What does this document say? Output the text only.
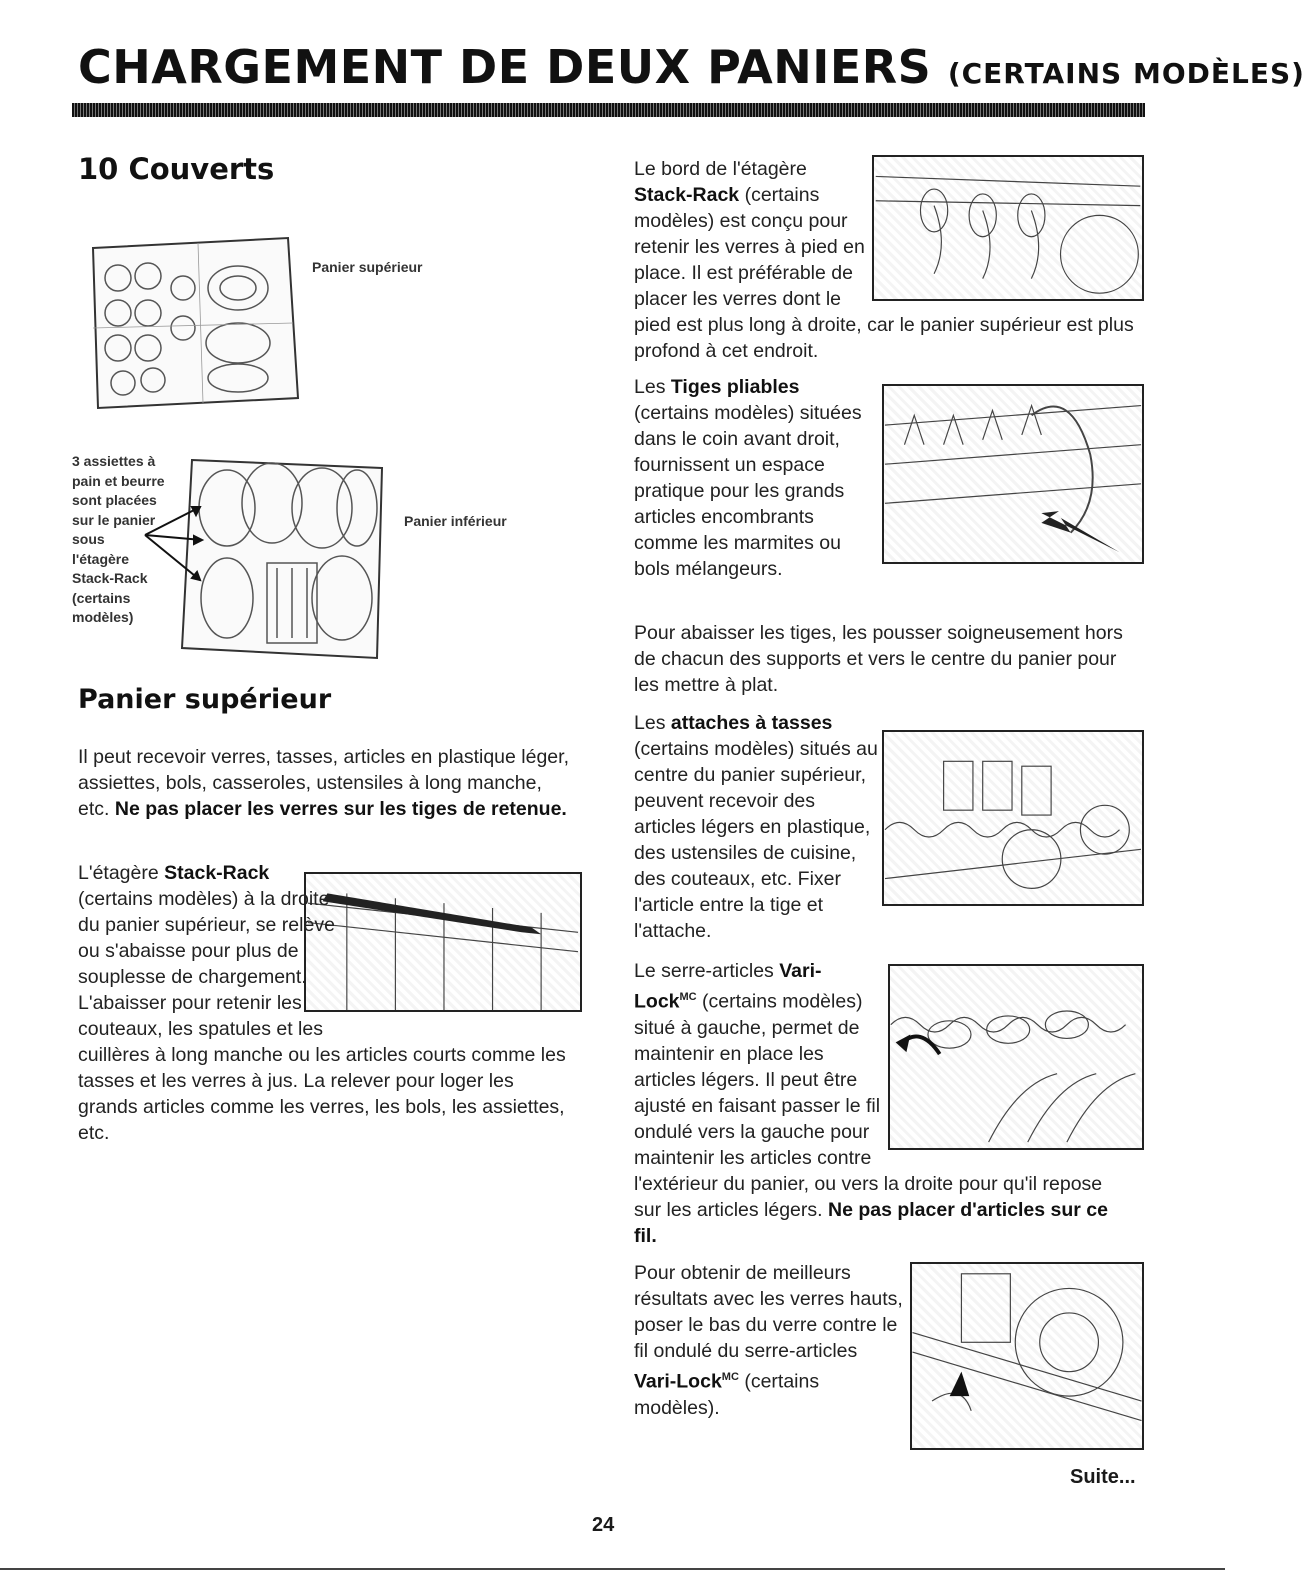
CHARGEMENT DE DEUX PANIERS (CERTAINS MODÈLES)
10 Couverts
Panier supérieur
Panier inférieur
3 assiettes à
pain et beurre
sont placées
sur le panier
sous
l'étagère
Stack-Rack
(certains
modèles)
Panier supérieur
Il peut recevoir verres, tasses, articles en plastique léger, assiettes, bols, casseroles, ustensiles à long manche, etc. Ne pas placer les verres sur les tiges de retenue.
L'étagère Stack-Rack (certains modèles) à la droite du panier supérieur, se relève ou s'abaisse pour plus de souplesse de chargement. L'abaisser pour retenir les couteaux, les spatules et les cuillères à long manche ou les articles courts comme les tasses et les verres à jus. La relever pour loger les grands articles comme les verres, les bols, les assiettes, etc.
Le bord de l'étagère Stack-Rack (certains modèles) est conçu pour retenir les verres à pied en place. Il est préférable de placer les verres dont le pied est plus long à droite, car le panier supérieur est plus profond à cet endroit.
Les Tiges pliables (certains modèles) situées dans le coin avant droit, fournissent un espace pratique pour les grands articles encombrants comme les marmites ou bols mélangeurs.
Pour abaisser les tiges, les pousser soigneusement hors de chacun des supports et vers le centre du panier pour les mettre à plat.
Les attaches à tasses (certains modèles) situés au centre du panier supérieur, peuvent recevoir des articles légers en plastique, des ustensiles de cuisine, des couteaux, etc. Fixer l'article entre la tige et l'attache.
Le serre-articles Vari-Lock$^{MC}$ (certains modèles) situé à gauche, permet de maintenir en place les articles légers. Il peut être ajusté en faisant passer le fil ondulé vers la gauche pour maintenir les articles contre l'extérieur du panier, ou vers la droite pour qu'il repose sur les articles légers. Ne pas placer d'articles sur ce fil.
Pour obtenir de meilleurs résultats avec les verres hauts, poser le bas du verre contre le fil ondulé du serre-articles Vari-Lock$^{MC}$ (certains modèles).
Suite...
24
